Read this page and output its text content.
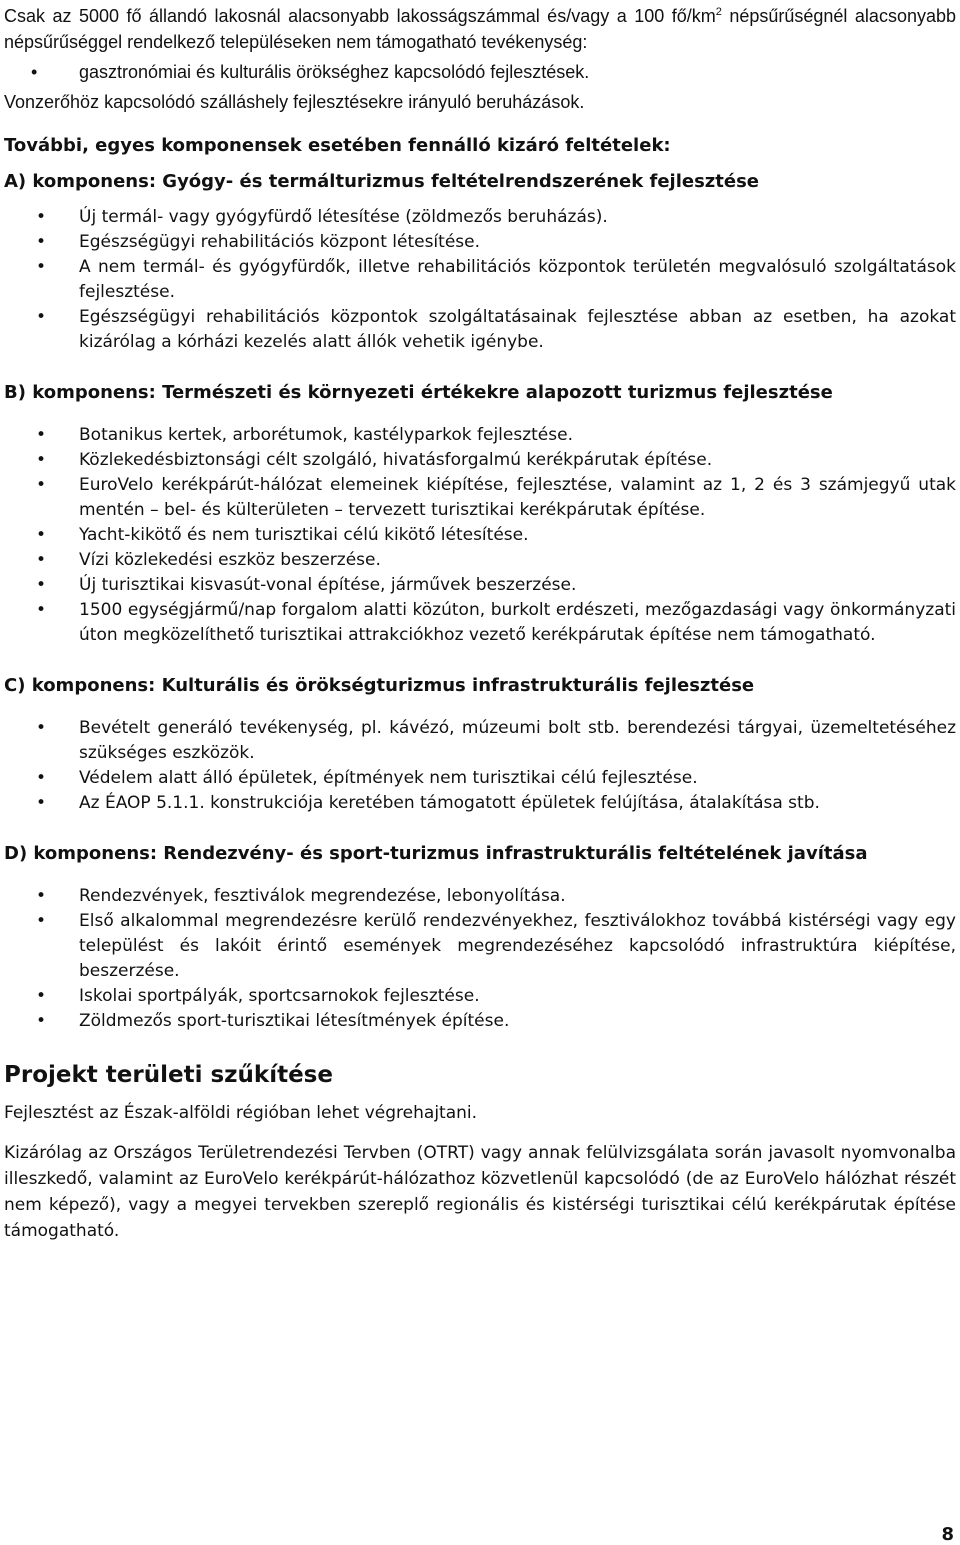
Csak az 5000 fő állandó lakosnál alacsonyabb lakosságszámmal és/vagy a 100 $fő/km^2$ népsűrűségnél alacsonyabb népsűrűséggel rendelkező településeken nem támogatható tevékenység:

• gasztronómiai és kulturális örökséghez kapcsolódó fejlesztések.

Vonzerőhöz kapcsolódó szálláshely fejlesztésekre irányuló beruházások.

További, egyes komponensek esetében fennálló kizáró feltételek:

A) komponens: Gyógy- és termálturizmus feltételrendszerének fejlesztése

• Új termál- vagy gyógyfürdő létesítése (zöldmezős beruházás).
• Egészségügyi rehabilitációs központ létesítése.
• A nem termál- és gyógyfürdők, illetve rehabilitációs központok területén megvalósuló szolgáltatások fejlesztése.
• Egészségügyi rehabilitációs központok szolgáltatásainak fejlesztése abban az esetben, ha azokat kizárólag a kórházi kezelés alatt állók vehetik igénybe.

B) komponens: Természeti és környezeti értékekre alapozott turizmus fejlesztése

• Botanikus kertek, arborétumok, kastélyparkok fejlesztése.
• Közlekedésbiztonsági célt szolgáló, hivatásforgalmú kerékpárutak építése.
• EuroVelo kerékpárút-hálózat elemeinek kiépítése, fejlesztése, valamint az 1, 2 és 3 számjegyű utak mentén – bel- és külterületen – tervezett turisztikai kerékpárutak építése.
• Yacht-kikötő és nem turisztikai célú kikötő létesítése.
• Vízi közlekedési eszköz beszerzése.
• Új turisztikai kisvasút-vonal építése, járművek beszerzése.
• 1500 egységjármű/nap forgalom alatti közúton, burkolt erdészeti, mezőgazdasági vagy önkormányzati úton megközelíthető turisztikai attrakciókhoz vezető kerékpárutak építése nem támogatható.

C) komponens: Kulturális és örökségturizmus infrastrukturális fejlesztése

• Bevételt generáló tevékenység, pl. kávézó, múzeumi bolt stb. berendezési tárgyai, üzemeltetéséhez szükséges eszközök.
• Védelem alatt álló épületek, építmények nem turisztikai célú fejlesztése.
• Az ÉAOP 5.1.1. konstrukciója keretében támogatott épületek felújítása, átalakítása stb.

D) komponens: Rendezvény- és sport-turizmus infrastrukturális feltételének javítása

• Rendezvények, fesztiválok megrendezése, lebonyolítása.
• Első alkalommal megrendezésre kerülő rendezvényekhez, fesztiválokhoz továbbá kistérségi vagy egy települést és lakóit érintő események megrendezéséhez kapcsolódó infrastruktúra kiépítése, beszerzése.
• Iskolai sportpályák, sportcsarnokok fejlesztése.
• Zöldmezős sport-turisztikai létesítmények építése.

Projekt területi szűkítése

Fejlesztést az Észak-alföldi régióban lehet végrehajtani.

Kizárólag az Országos Területrendezési Tervben (OTRT) vagy annak felülvizsgálata során javasolt nyomvonalba illeszkedő, valamint az EuroVelo kerékpárút-hálózathoz közvetlenül kapcsolódó (de az EuroVelo hálózhat részét nem képező), vagy a megyei tervekben szereplő regionális és kistérségi turisztikai célú kerékpárutak építése támogatható.

8
